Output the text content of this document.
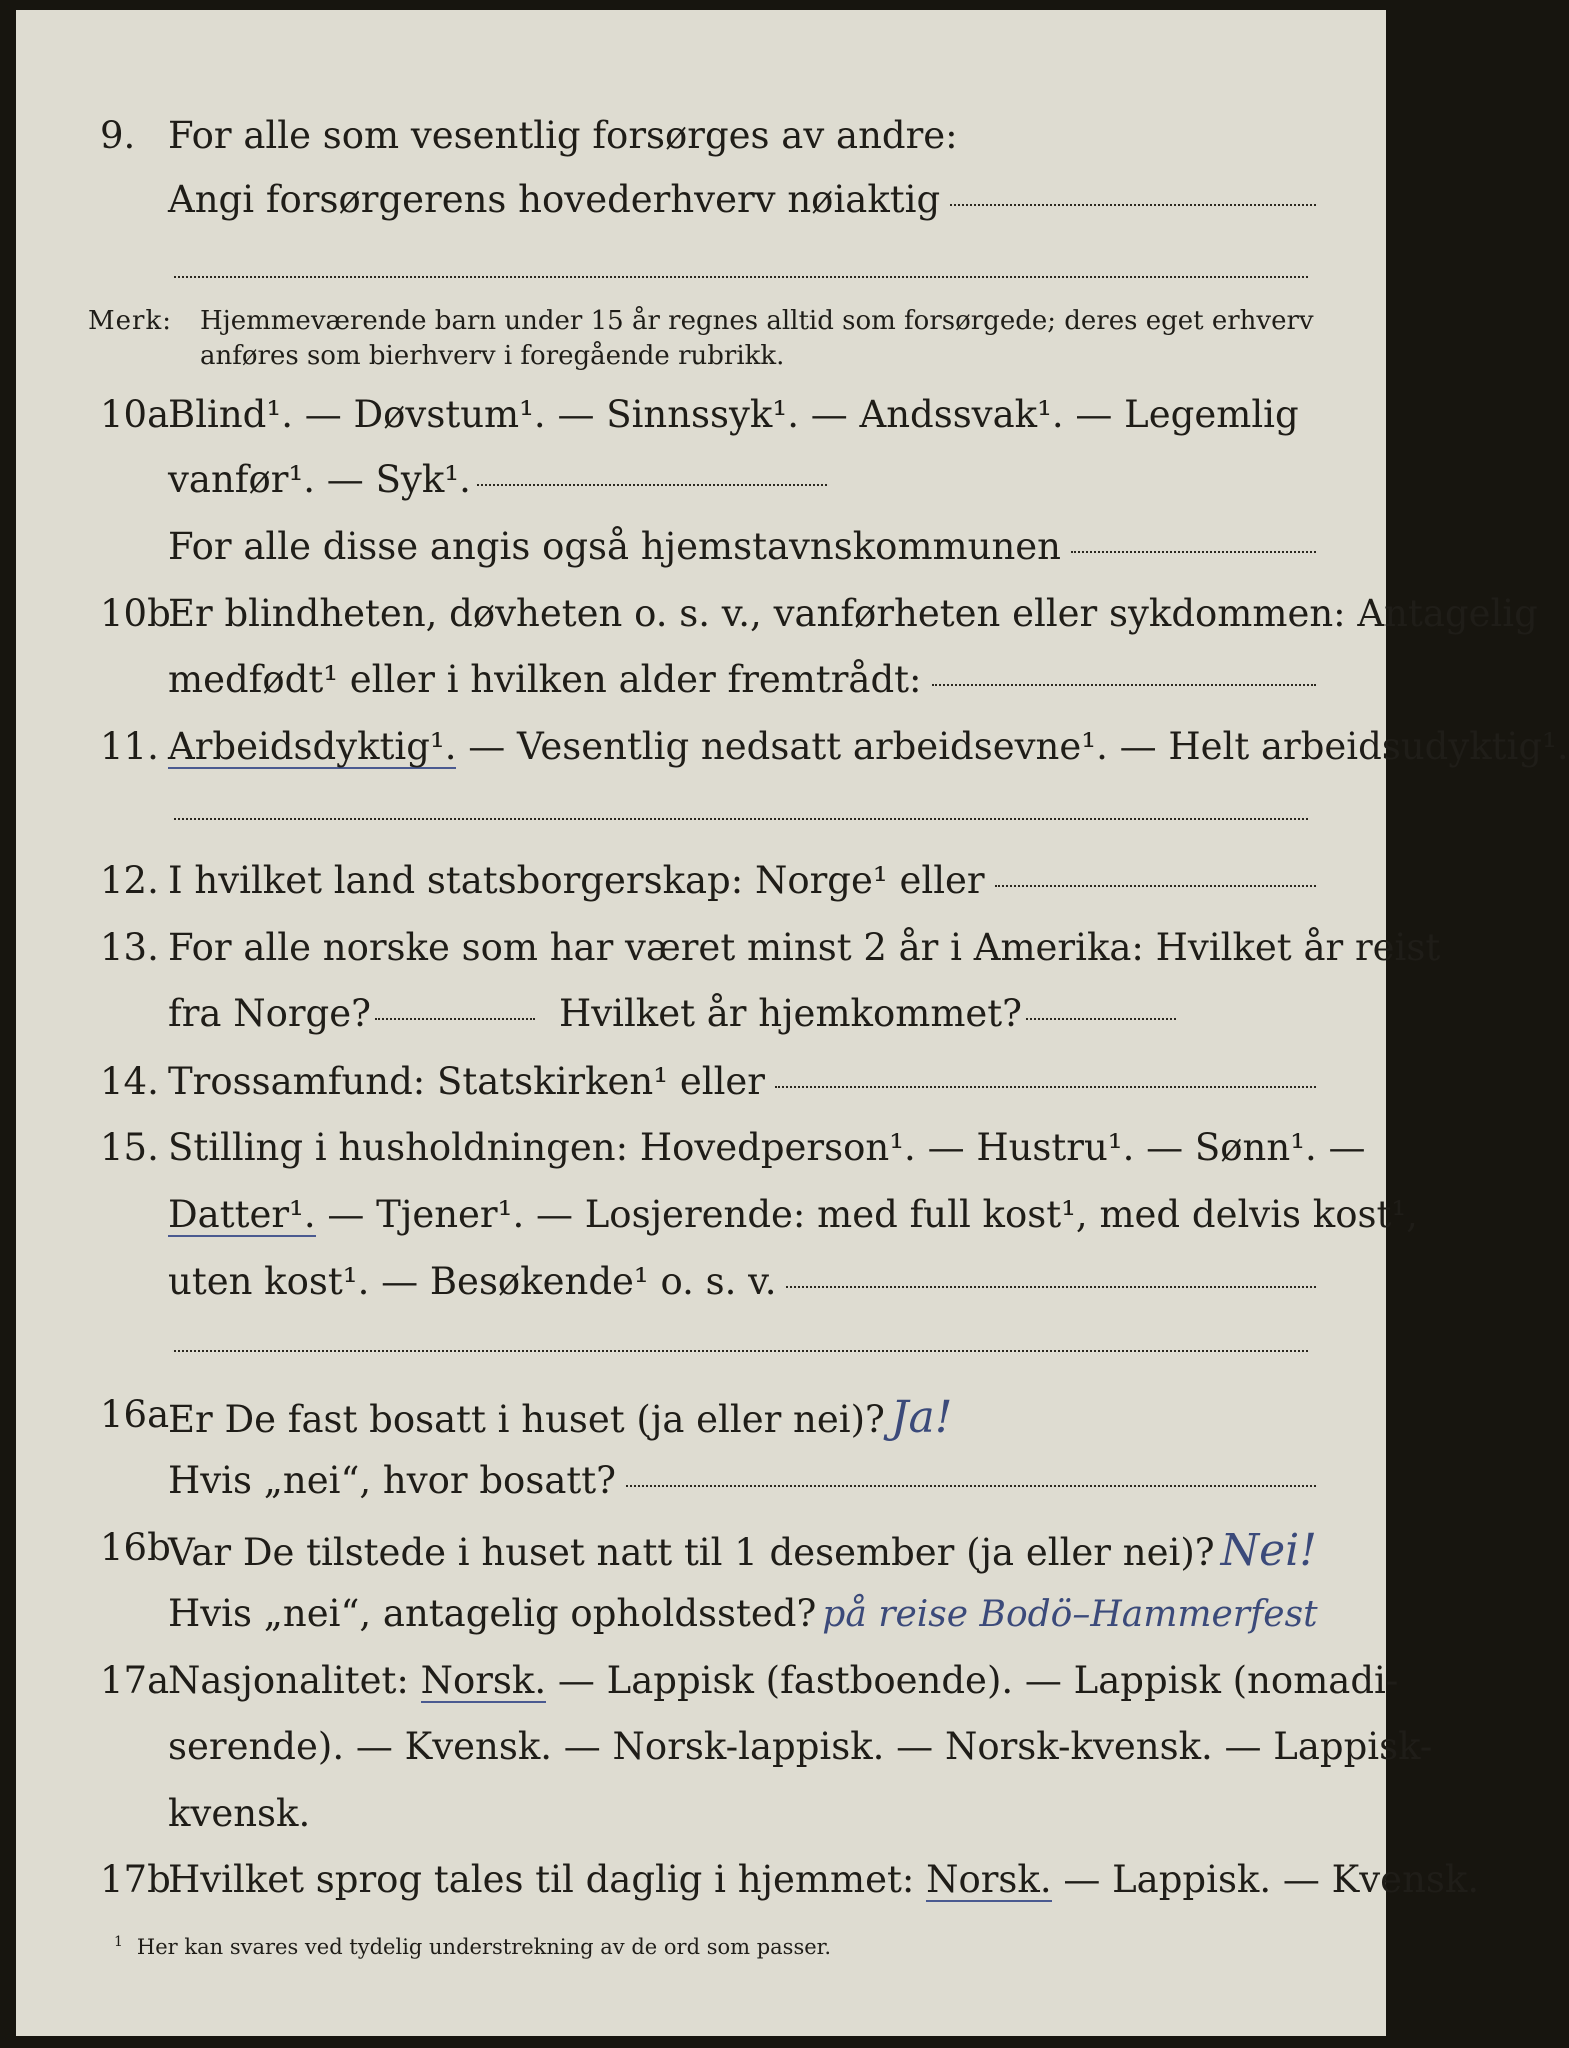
9. For alle som vesentlig forsørges av andre:
Angi forsørgerens hovederhverv nøiaktig
Merk: Hjemmeværende barn under 15 år regnes alltid som forsørgede; deres eget erhverv
anføres som bierhverv i foregående rubrikk.
10a
Blind¹. — Døvstum¹. — Sinnssyk¹. — Andssvak¹. — Legemlig
vanfør¹. — Syk¹.
For alle disse angis også hjemstavnskommunen
10b
Er blindheten, døvheten o. s. v., vanførheten eller sykdommen: Antagelig
medfødt¹ eller i hvilken alder fremtrådt:
11. Arbeidsdyktig¹. — Vesentlig nedsatt arbeidsevne¹. — Helt arbeidsudyktig¹.
12. I hvilket land statsborgerskap: Norge¹ eller
13. For alle norske som har været minst 2 år i Amerika: Hvilket år reist
fra Norge?	Hvilket år hjemkommet?
14. Trossamfund: Statskirken¹ eller
15. Stilling i husholdningen: Hovedperson¹. — Hustru¹. — Sønn¹. —
Datter¹. — Tjener¹. — Losjerende: med full kost¹, med delvis kost¹,
uten kost¹. — Besøkende¹ o. s. v.
16a
Er De fast bosatt i huset (ja eller nei)? Ja!
Hvis „nei“, hvor bosatt?
16b
Var De tilstede i huset natt til 1 desember (ja eller nei)? Nei!
Hvis „nei“, antagelig opholdssted? på reise Bodö–Hammerfest
17a
Nasjonalitet: Norsk. — Lappisk (fastboende). — Lappisk (nomadi-
serende). — Kvensk. — Norsk-lappisk. — Norsk-kvensk. — Lappisk-
kvensk.
17b
Hvilket sprog tales til daglig i hjemmet: Norsk. — Lappisk. — Kvensk.
$^1$ Her kan svares ved tydelig understrekning av de ord som passer.
